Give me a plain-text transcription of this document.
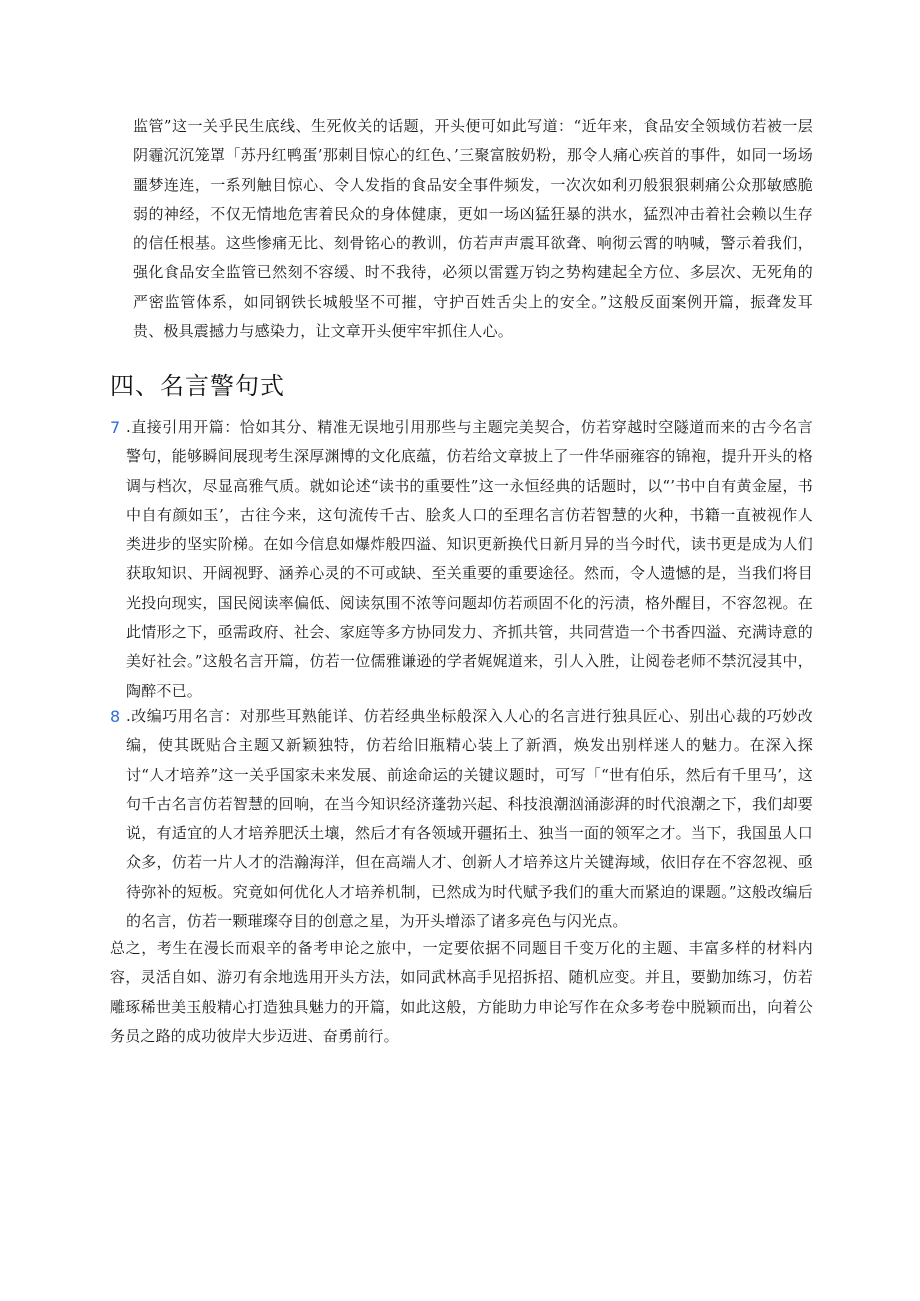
监管”这一关乎民生底线、生死攸关的话题，开头便可如此写道：“近年来，食品安全领域仿若被一层阴霾沉沉笼罩「苏丹红鸭蛋’那刺目惊心的红色、’三聚富胺奶粉，那令人痛心疾首的事件，如同一场场噩梦连连，一系列触目惊心、令人发指的食品安全事件频发，一次次如利刃般狠狠刺痛公众那敏感脆弱的神经，不仅无情地危害着民众的身体健康，更如一场凶猛狂暴的洪水，猛烈冲击着社会赖以生存的信任根基。这些惨痛无比、刻骨铭心的教训，仿若声声震耳欲聋、响彻云霄的呐喊，警示着我们，强化食品安全监管已然刻不容缓、时不我待，必须以雷霆万钧之势构建起全方位、多层次、无死角的严密监管体系，如同钢铁长城般坚不可摧，守护百姓舌尖上的安全。”这般反面案例开篇，振聋发耳贵、极具震撼力与感染力，让文章开头便牢牢抓住人心。

四、名言警句式
7 .直接引用开篇：恰如其分、精准无误地引用那些与主题完美契合，仿若穿越时空隧道而来的古今名言警句，能够瞬间展现考生深厚渊博的文化底蕴，仿若给文章披上了一件华丽雍容的锦袍，提升开头的格调与档次，尽显高雅气质。就如论述“读书的重要性”这一永恒经典的话题时，以“’书中自有黄金屋，书中自有颜如玉’，古往今来，这句流传千古、脍炙人口的至理名言仿若智慧的火种，书籍一直被视作人类进步的坚实阶梯。在如今信息如爆炸般四溢、知识更新换代日新月异的当今时代，读书更是成为人们获取知识、开阔视野、涵养心灵的不可或缺、至关重要的重要途径。然而，令人遗憾的是，当我们将目光投向现实，国民阅读率偏低、阅读氛围不浓等问题却仿若顽固不化的污渍，格外醒目，不容忽视。在此情形之下，亟需政府、社会、家庭等多方协同发力、齐抓共管，共同营造一个书香四溢、充满诗意的美好社会。”这般名言开篇，仿若一位儒雅谦逊的学者娓娓道来，引人入胜，让阅卷老师不禁沉浸其中，陶醉不已。

8 .改编巧用名言：对那些耳熟能详、仿若经典坐标般深入人心的名言进行独具匠心、别出心裁的巧妙改编，使其既贴合主题又新颖独特，仿若给旧瓶精心装上了新酒，焕发出别样迷人的魅力。在深入探讨“人才培养”这一关乎国家未来发展、前途命运的关键议题时，可写「“世有伯乐，然后有千里马’，这句千古名言仿若智慧的回响，在当今知识经济蓬勃兴起、科技浪潮汹涌澎湃的时代浪潮之下，我们却要说，有适宜的人才培养肥沃土壤，然后才有各领域开疆拓土、独当一面的领军之才。当下，我国虽人口众多，仿若一片人才的浩瀚海洋，但在高端人才、创新人才培养这片关键海域，依旧存在不容忽视、亟待弥补的短板。究竟如何优化人才培养机制，已然成为时代赋予我们的重大而紧迫的课题。”这般改编后的名言，仿若一颗璀璨夺目的创意之星，为开头增添了诸多亮色与闪光点。

总之，考生在漫长而艰辛的备考申论之旅中，一定要依据不同题目千变万化的主题、丰富多样的材料内容，灵活自如、游刃有余地选用开头方法，如同武林高手见招拆招、随机应变。并且，要勤加练习，仿若雕琢稀世美玉般精心打造独具魅力的开篇，如此这般，方能助力申论写作在众多考卷中脱颖而出，向着公务员之路的成功彼岸大步迈进、奋勇前行。
